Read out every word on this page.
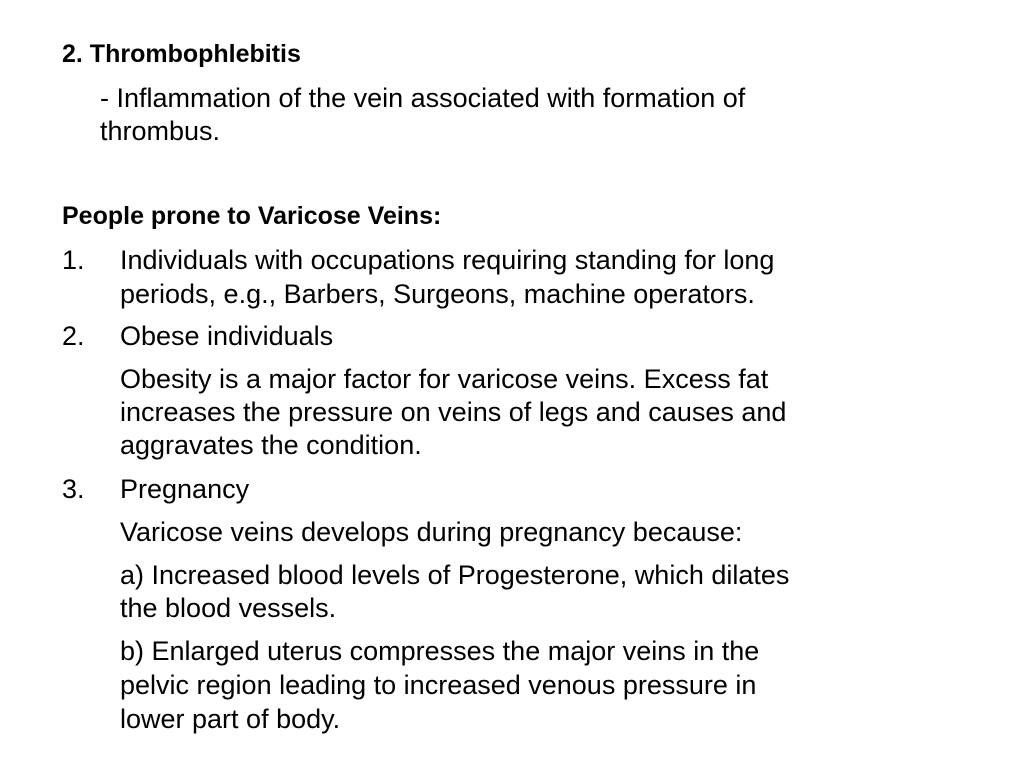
2. Thrombophlebitis
- Inflammation of the vein associated with formation of
thrombus.
People prone to Varicose Veins:
1. Individuals with occupations requiring standing for long
periods, e.g., Barbers, Surgeons, machine operators.
2. Obese individuals
Obesity is a major factor for varicose veins. Excess fat
increases the pressure on veins of legs and causes and
aggravates the condition.
3. Pregnancy
Varicose veins develops during pregnancy because:
a) Increased blood levels of Progesterone, which dilates
the blood vessels.
b) Enlarged uterus compresses the major veins in the
pelvic region leading to increased venous pressure in
lower part of body.
